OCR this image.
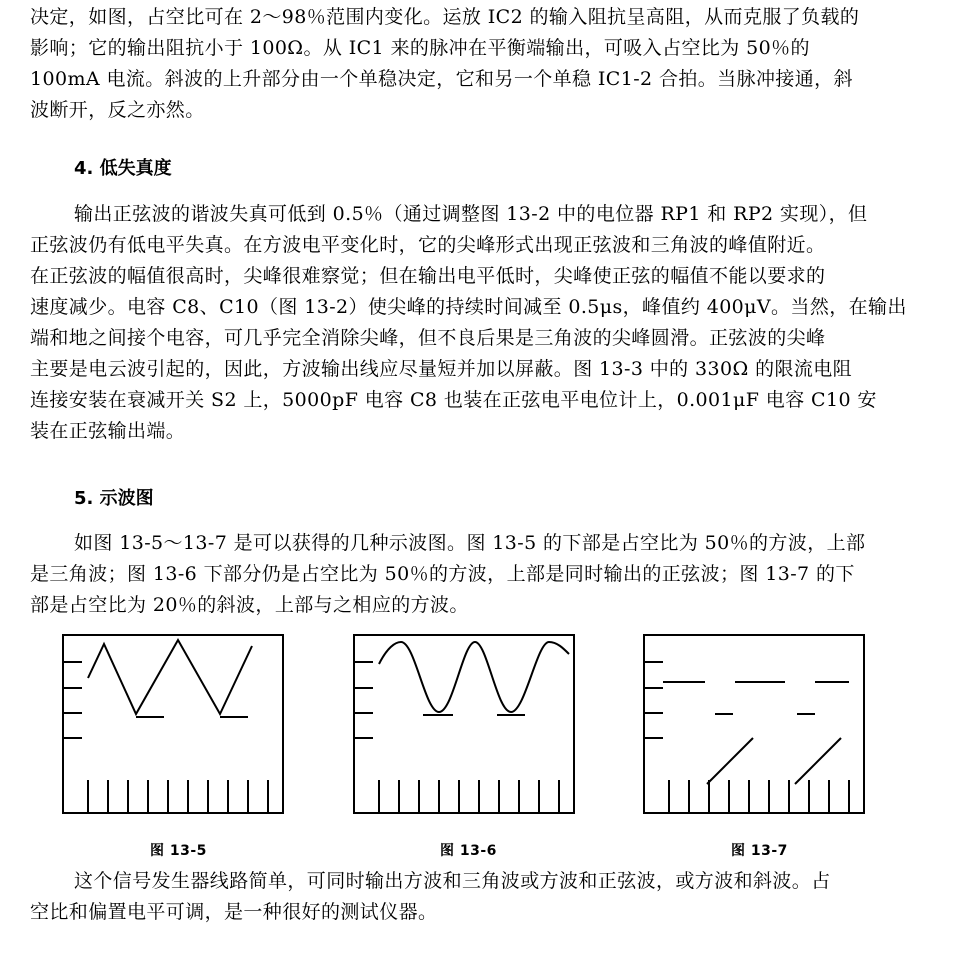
决定，如图，占空比可在 2～98％范围内变化。运放 IC2 的输入阻抗呈高阻，从而克服了负载的
影响；它的输出阻抗小于 100Ω。从 IC1 来的脉冲在平衡端输出，可吸入占空比为 50％的
100mA 电流。斜波的上升部分由一个单稳决定，它和另一个单稳 IC1-2 合拍。当脉冲接通，斜
波断开，反之亦然。
4. 低失真度
输出正弦波的谐波失真可低到 0.5％（通过调整图 13-2 中的电位器 RP1 和 RP2 实现），但
正弦波仍有低电平失真。在方波电平变化时，它的尖峰形式出现正弦波和三角波的峰值附近。
在正弦波的幅值很高时，尖峰很难察觉；但在输出电平低时，尖峰使正弦的幅值不能以要求的
速度减少。电容 C8、C10（图 13-2）使尖峰的持续时间减至 0.5μs，峰值约 400μV。当然，在输出
端和地之间接个电容，可几乎完全消除尖峰，但不良后果是三角波的尖峰圆滑。正弦波的尖峰
主要是电云波引起的，因此，方波输出线应尽量短并加以屏蔽。图 13-3 中的 330Ω 的限流电阻
连接安装在衰减开关 S2 上，5000pF 电容 C8 也装在正弦电平电位计上，0.001μF 电容 C10 安
装在正弦输出端。
5. 示波图
如图 13-5～13-7 是可以获得的几种示波图。图 13-5 的下部是占空比为 50％的方波，上部
是三角波；图 13-6 下部分仍是占空比为 50％的方波，上部是同时输出的正弦波；图 13-7 的下
部是占空比为 20％的斜波，上部与之相应的方波。
图 13-5	图 13-6	图 13-7
这个信号发生器线路简单，可同时输出方波和三角波或方波和正弦波，或方波和斜波。占
空比和偏置电平可调，是一种很好的测试仪器。
